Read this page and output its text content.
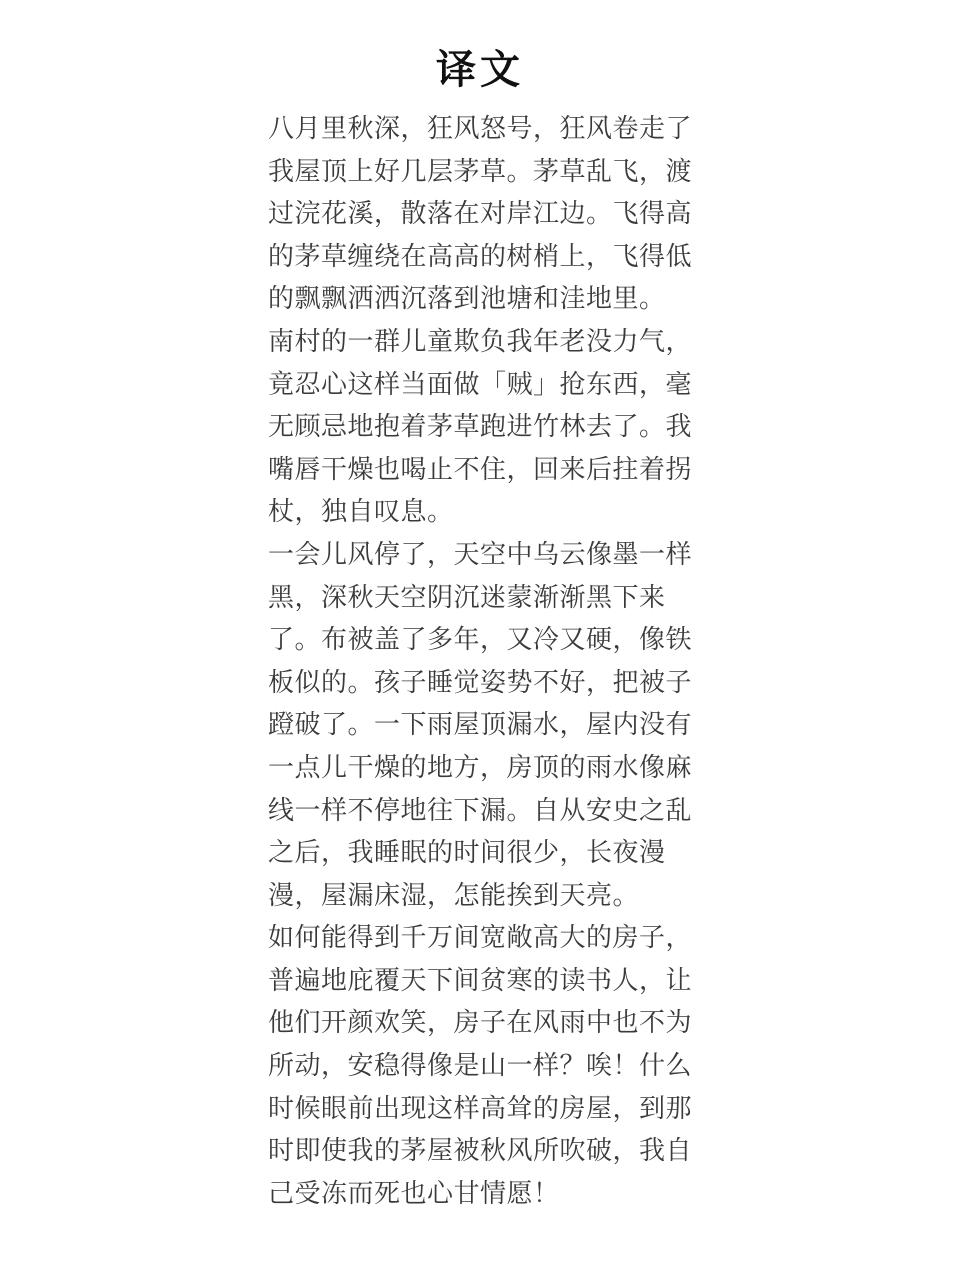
译文
八月里秋深，狂风怒号，狂风卷走了
我屋顶上好几层茅草。茅草乱飞，渡
过浣花溪，散落在对岸江边。飞得高
的茅草缠绕在高高的树梢上，飞得低
的飘飘洒洒沉落到池塘和洼地里。
南村的一群儿童欺负我年老没力气，
竟忍心这样当面做「贼」抢东西，毫
无顾忌地抱着茅草跑进竹林去了。我
嘴唇干燥也喝止不住，回来后拄着拐
杖，独自叹息。
一会儿风停了，天空中乌云像墨一样
黑，深秋天空阴沉迷蒙渐渐黑下来
了。布被盖了多年，又冷又硬，像铁
板似的。孩子睡觉姿势不好，把被子
蹬破了。一下雨屋顶漏水，屋内没有
一点儿干燥的地方，房顶的雨水像麻
线一样不停地往下漏。自从安史之乱
之后，我睡眠的时间很少，长夜漫
漫，屋漏床湿，怎能挨到天亮。
如何能得到千万间宽敞高大的房子，
普遍地庇覆天下间贫寒的读书人，让
他们开颜欢笑，房子在风雨中也不为
所动，安稳得像是山一样？唉！什么
时候眼前出现这样高耸的房屋，到那
时即使我的茅屋被秋风所吹破，我自
己受冻而死也心甘情愿！
